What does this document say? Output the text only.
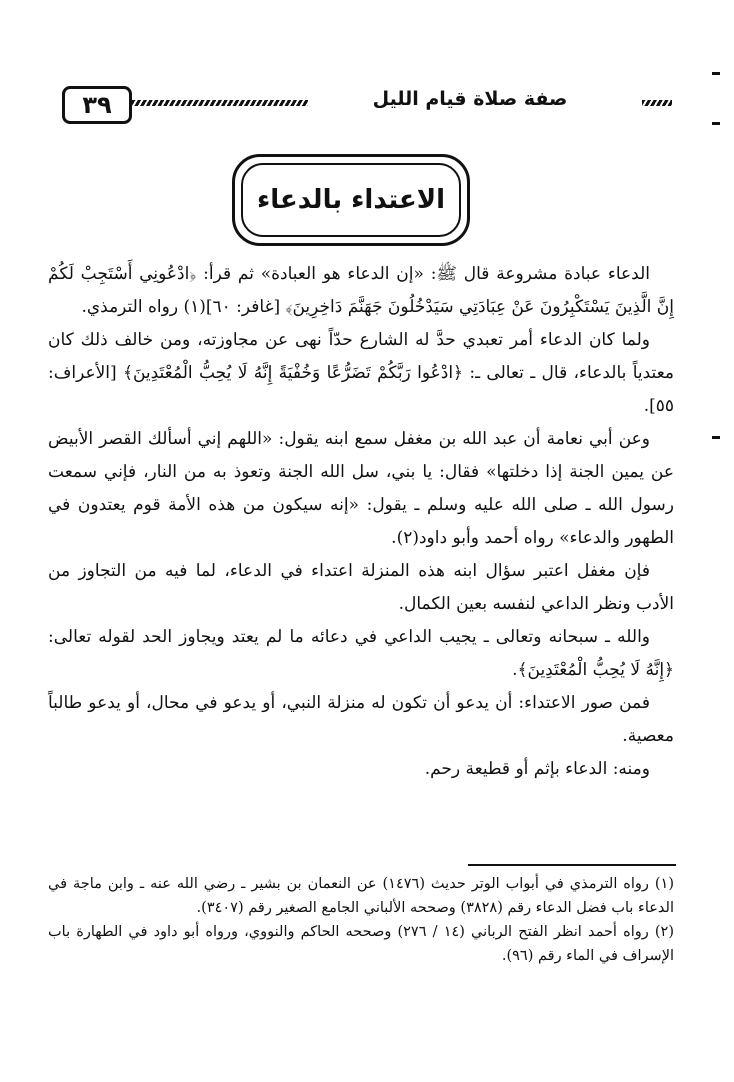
٣٩	صفة صلاة قيام الليل
الاعتداء بالدعاء

الدعاء عبادة مشروعة قال ﷺ: «إن الدعاء هو العبادة» ثم قرأ: ﴿ادْعُونِي أَسْتَجِبْ لَكُمْ إِنَّ الَّذِينَ يَسْتَكْبِرُونَ عَنْ عِبَادَتِي سَيَدْخُلُونَ جَهَنَّمَ دَاخِرِينَ﴾ [غافر: ٦٠](١) رواه الترمذي.

ولما كان الدعاء أمر تعبدي حدَّ له الشارع حدّاً نهى عن مجاوزته، ومن خالف ذلك كان معتدياً بالدعاء، قال ـ تعالى ـ: ﴿ادْعُوا رَبَّكُمْ تَضَرُّعًا وَخُفْيَةً إِنَّهُ لَا يُحِبُّ الْمُعْتَدِينَ﴾ [الأعراف: ٥٥].

وعن أبي نعامة أن عبد الله بن مغفل سمع ابنه يقول: «اللهم إني أسألك القصر الأبيض عن يمين الجنة إذا دخلتها» فقال: يا بني، سل الله الجنة وتعوذ به من النار، فإني سمعت رسول الله ـ صلى الله عليه وسلم ـ يقول: «إنه سيكون من هذه الأمة قوم يعتدون في الطهور والدعاء» رواه أحمد وأبو داود(٢).

فإن مغفل اعتبر سؤال ابنه هذه المنزلة اعتداء في الدعاء، لما فيه من التجاوز من الأدب ونظر الداعي لنفسه بعين الكمال.

والله ـ سبحانه وتعالى ـ يجيب الداعي في دعائه ما لم يعتد ويجاوز الحد لقوله تعالى: ﴿إِنَّهُ لَا يُحِبُّ الْمُعْتَدِينَ﴾.

فمن صور الاعتداء: أن يدعو أن تكون له منزلة النبي، أو يدعو في محال، أو يدعو طالباً معصية.

ومنه: الدعاء بإثم أو قطيعة رحم.

(١) رواه الترمذي في أبواب الوتر حديث (١٤٧٦) عن النعمان بن بشير ـ رضي الله عنه ـ وابن ماجة في الدعاء باب فضل الدعاء رقم (٣٨٢٨) وصححه الألباني الجامع الصغير رقم (٣٤٠٧).

(٢) رواه أحمد انظر الفتح الرباني (١٤ / ٢٧٦) وصححه الحاكم والنووي، ورواه أبو داود في الطهارة باب الإسراف في الماء رقم (٩٦).
